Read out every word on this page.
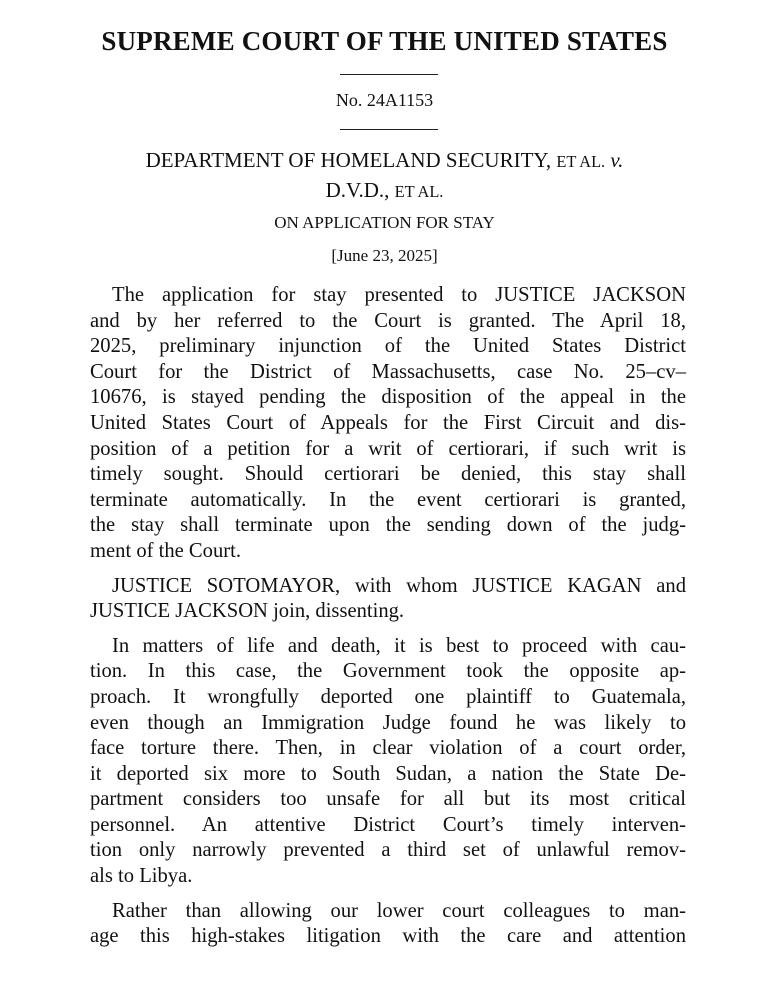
SUPREME COURT OF THE UNITED STATES
No. 24A1153
DEPARTMENT OF HOMELAND SECURITY, ET AL. v.
D.V.D., ET AL.
ON APPLICATION FOR STAY
[June 23, 2025]
The application for stay presented to JUSTICE JACKSON
and by her referred to the Court is granted. The April 18,
2025, preliminary injunction of the United States District
Court for the District of Massachusetts, case No. 25–cv–
10676, is stayed pending the disposition of the appeal in the
United States Court of Appeals for the First Circuit and dis-
position of a petition for a writ of certiorari, if such writ is
timely sought. Should certiorari be denied, this stay shall
terminate automatically. In the event certiorari is granted,
the stay shall terminate upon the sending down of the judg-
ment of the Court.
JUSTICE SOTOMAYOR, with whom JUSTICE KAGAN and
JUSTICE JACKSON join, dissenting.
In matters of life and death, it is best to proceed with cau-
tion. In this case, the Government took the opposite ap-
proach. It wrongfully deported one plaintiff to Guatemala,
even though an Immigration Judge found he was likely to
face torture there. Then, in clear violation of a court order,
it deported six more to South Sudan, a nation the State De-
partment considers too unsafe for all but its most critical
personnel. An attentive District Court’s timely interven-
tion only narrowly prevented a third set of unlawful remov-
als to Libya.
Rather than allowing our lower court colleagues to man-
age this high-stakes litigation with the care and attention
